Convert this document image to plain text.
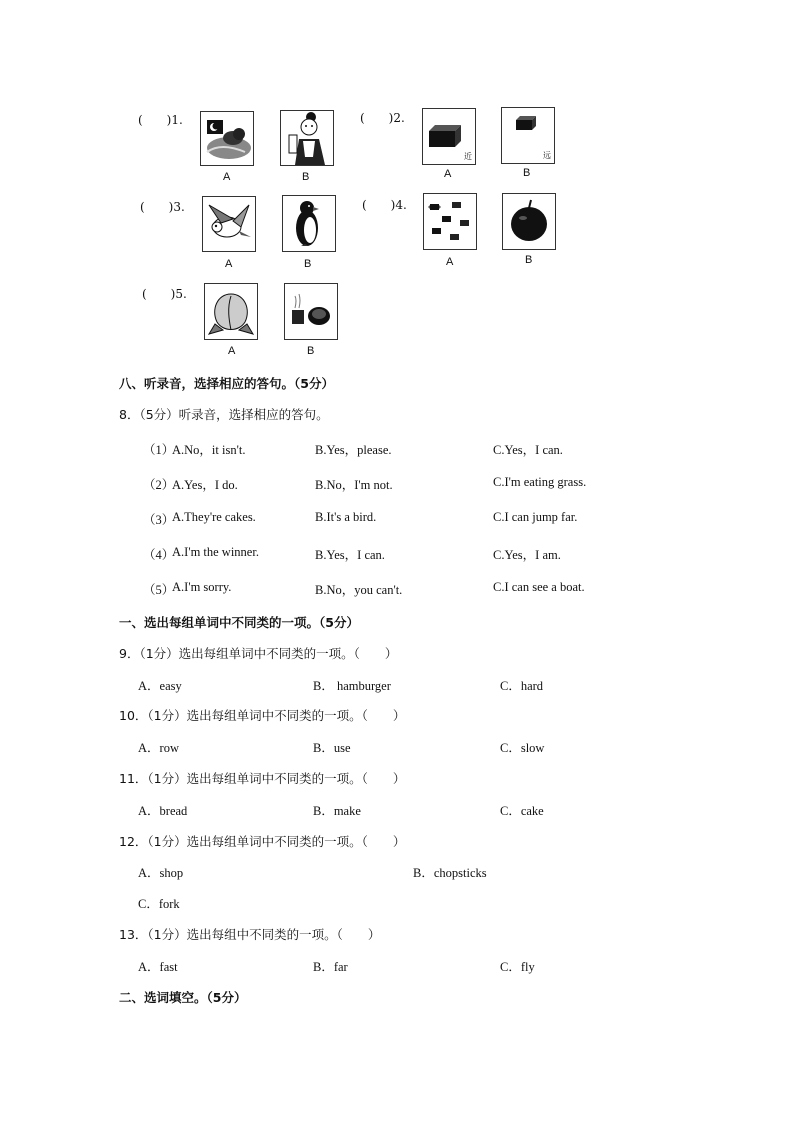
(　　)1.
A	B
(　　)2.
近
A
远
B
(　　)3.
A	B
(　　)4.
A	B
(　　)5.
A	B
八、听录音，选择相应的答句。（5分）
8．（5分）听录音，选择相应的答句。
（1）
A.No，it isn't.	B.Yes，please.	C.Yes，I can.
（2）
A.Yes，I do.	B.No，I'm not.	C.I'm eating grass.
（3）
A.They're cakes.	B.It's a bird.	C.I can jump far.
（4）
A.I'm the winner.	B.Yes，I can.	C.Yes，I am.
（5）
A.I'm sorry.	B.No，you can't.	C.I can see a boat.
一、选出每组单词中不同类的一项。（5分）
9．（1分）选出每组单词中不同类的一项。（　　）
A．easy	B． hamburger	C．hard
10．（1分）选出每组单词中不同类的一项。（　　）
A．row	B．use	C．slow
11．（1分）选出每组单词中不同类的一项。（　　）
A．bread	B．make	C．cake
12．（1分）选出每组单词中不同类的一项。（　　）
A．shop	B．chopsticks
C．fork
13．（1分）选出每组中不同类的一项。（　　）
A．fast	B．far	C．fly
二、选词填空。（5分）
